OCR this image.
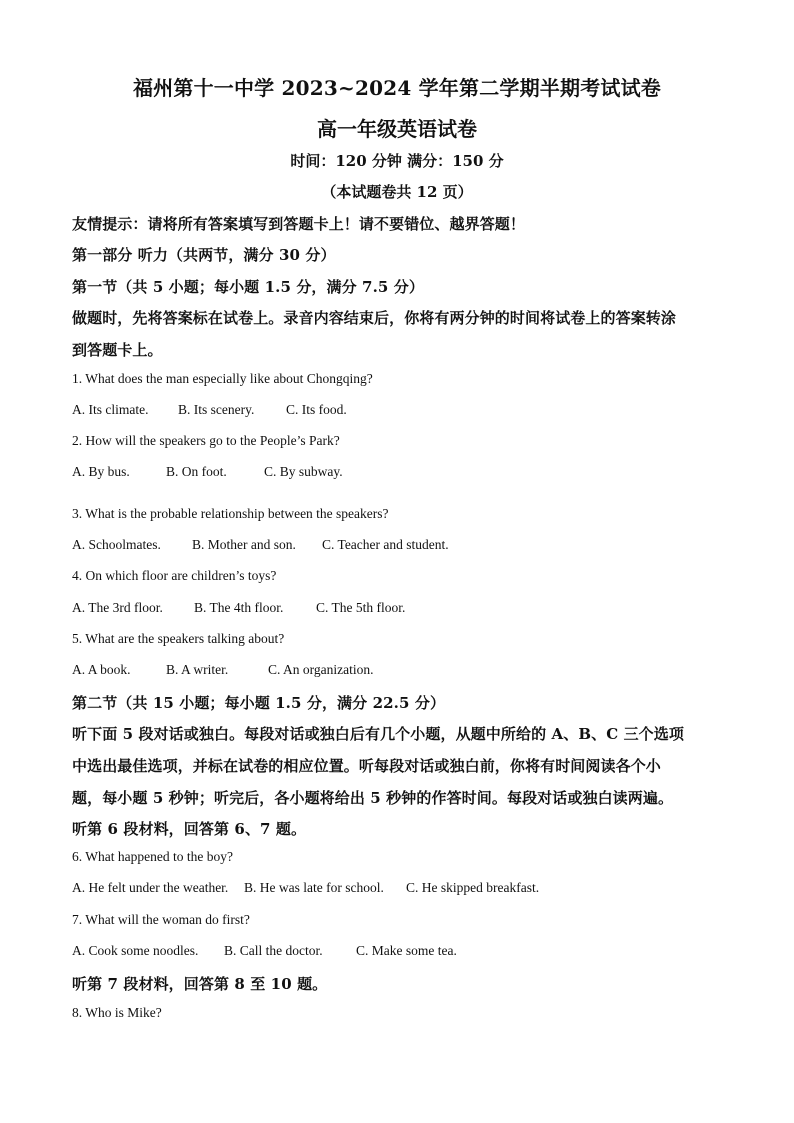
福州第十一中学 2023~2024 学年第二学期半期考试试卷
高一年级英语试卷
时间：120 分钟 满分：150 分
（本试题卷共 12 页）
友情提示：请将所有答案填写到答题卡上！请不要错位、越界答题！
第一部分 听力（共两节，满分 30 分）
第一节（共 5 小题；每小题 1.5 分，满分 7.5 分）
做题时，先将答案标在试卷上。录音内容结束后，你将有两分钟的时间将试卷上的答案转涂
到答题卡上。
1. What does the man especially like about Chongqing?
A. Its climate. B. Its scenery. C. Its food.
2. How will the speakers go to the People’s Park?
A. By bus.	B. On foot.	C. By subway.
3. What is the probable relationship between the speakers?
A. Schoolmates. B. Mother and son. C. Teacher and student.
4. On which floor are children’s toys?
A. The 3rd floor. B. The 4th floor. C. The 5th floor.
5. What are the speakers talking about?
A. A book.	B. A writer.	C. An organization.
第二节（共 15 小题；每小题 1.5 分，满分 22.5 分）
听下面 5 段对话或独白。每段对话或独白后有几个小题，从题中所给的 A、B、C 三个选项
中选出最佳选项，并标在试卷的相应位置。听每段对话或独白前，你将有时间阅读各个小
题，每小题 5 秒钟；听完后，各小题将给出 5 秒钟的作答时间。每段对话或独白读两遍。
听第 6 段材料，回答第 6、7 题。
6. What happened to the boy?
A. He felt under the weather. B. He was late for school. C. He skipped breakfast.
7. What will the woman do first?
A. Cook some noodles. B. Call the doctor. C. Make some tea.
听第 7 段材料，回答第 8 至 10 题。
8. Who is Mike?
